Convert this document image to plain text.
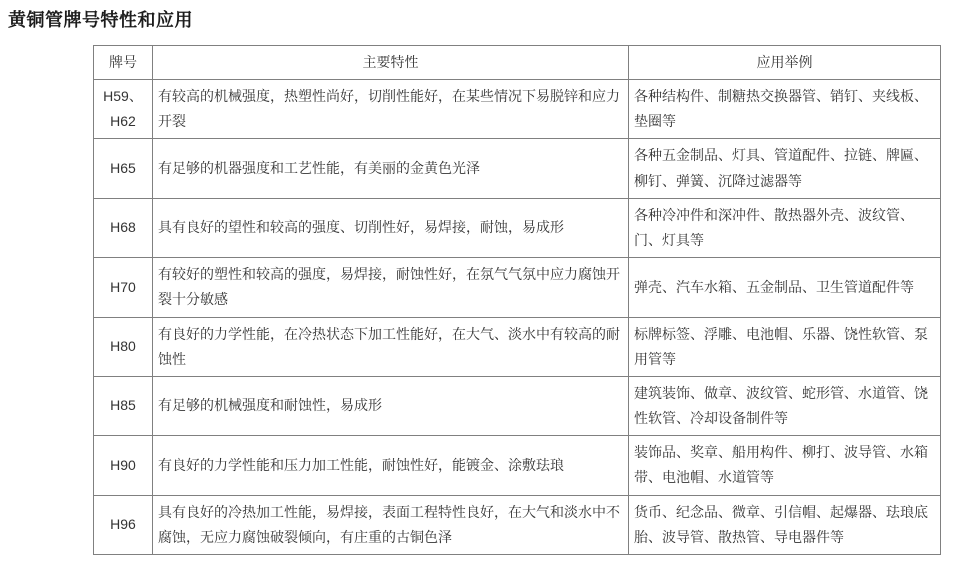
黄铜管牌号特性和应用
牌号	主要特性	应用举例
H59、H62	有较高的机械强度，热塑性尚好，切削性能好，在某些情况下易脱锌和应力开裂	各种结构件、制糖热交换器管、销钉、夹线板、垫圈等
H65	有足够的机器强度和工艺性能，有美丽的金黄色光泽	各种五金制品、灯具、管道配件、拉链、牌匾、柳钉、弹簧、沉降过滤器等
H68	具有良好的望性和较高的强度、切削性好，易焊接，耐蚀，易成形	各种冷冲件和深冲件、散热器外壳、波纹管、门、灯具等
H70	有较好的塑性和较高的强度，易焊接，耐蚀性好，在氛气气氛中应力腐蚀开裂十分敏感	弹壳、汽车水箱、五金制品、卫生管道配件等
H80	有良好的力学性能，在冷热状态下加工性能好，在大气、淡水中有较高的耐蚀性	标牌标签、浮雕、电池帽、乐器、饶性软管、泵用管等
H85	有足够的机械强度和耐蚀性，易成形	建筑装饰、做章、波纹管、蛇形管、水道管、饶性软管、冷却设备制件等
H90	有良好的力学性能和压力加工性能，耐蚀性好，能镀金、涂敷珐琅	装饰品、奖章、船用构件、柳打、波导管、水箱带、电池帽、水道管等
H96	具有良好的冷热加工性能，易焊接，表面工程特性良好，在大气和淡水中不腐蚀，无应力腐蚀破裂倾向，有庄重的古铜色泽	货币、纪念品、微章、引信帽、起爆器、珐琅底胎、波导管、散热管、导电器件等
